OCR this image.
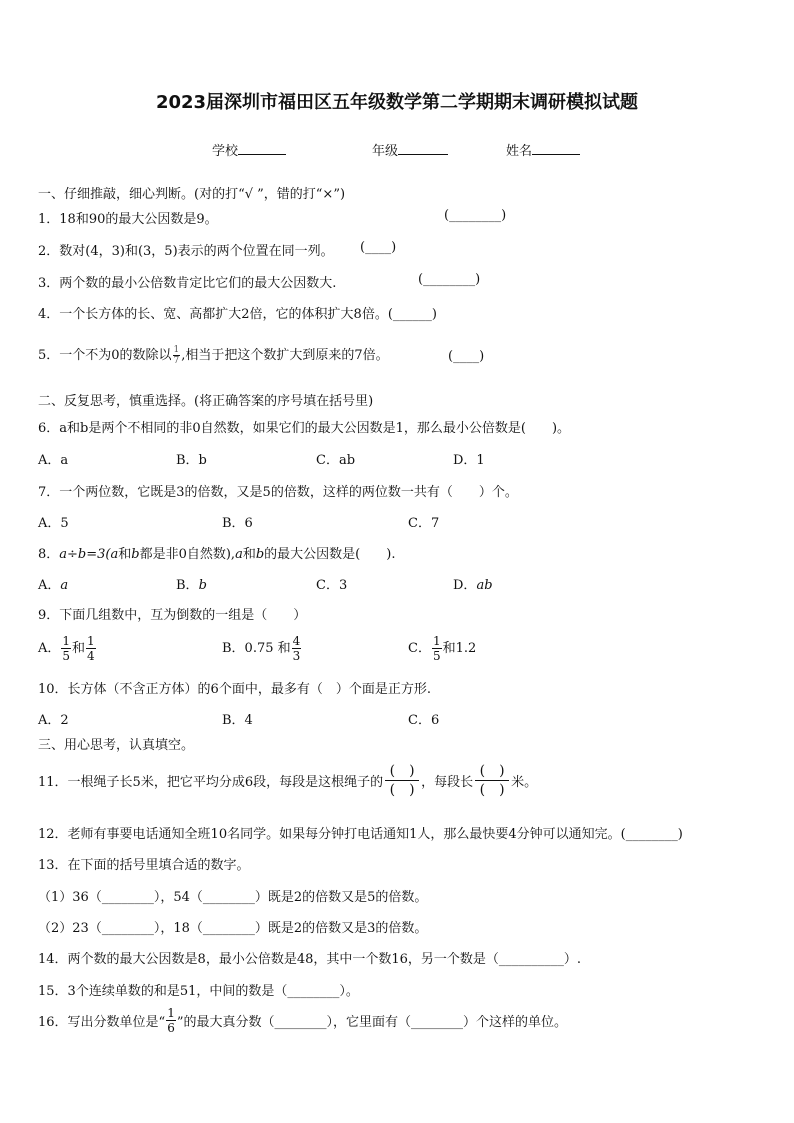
2023届深圳市福田区五年级数学第二学期期末调研模拟试题
学校	年级	姓名
一、仔细推敲，细心判断。(对的打“√ ”，错的打“×”)
1．18和90的最大公因数是9。	(________)
2．数对(4，3)和(3，5)表示的两个位置在同一列。 (____)
3．两个数的最小公倍数肯定比它们的最大公因数大.	(________)
4．一个长方体的长、宽、高都扩大2倍，它的体积扩大8倍。(______)
5．一个不为0的数除以 $\frac{1}{7}$ ,相当于把这个数扩大到原来的7倍。	(____)
二、反复思考，慎重选择。(将正确答案的序号填在括号里)
6．a和b是两个不相同的非0自然数，如果它们的最大公因数是1，那么最小公倍数是(　　)。
A．a	B．b	C．ab	D．1
7．一个两位数，它既是3的倍数，又是5的倍数，这样的两位数一共有（　　）个。
A．5	B．6	C．7
8．a÷b=3(a和b都是非0自然数),a和b的最大公因数是(　　).
A．a	B．b	C．3	D．ab
9．下面几组数中，互为倒数的一组是（　　）
A． $\frac{1}{5}$ 和 $\frac{1}{4}$	B．0.75 和 $\frac{4}{3}$	C． $\frac{1}{5}$ 和1.2
10．长方体（不含正方体）的6个面中，最多有（　）个面是正方形.
A．2	B．4	C．6
三、用心思考，认真填空。
11．一根绳子长5米，把它平均分成6段，每段是这根绳子的
(　)
(　) ，每段长
(　)
(　) 米。
12．老师有事要电话通知全班10名同学。如果每分钟打电话通知1人，那么最快要4分钟可以通知完。(________)
13．在下面的括号里填合适的数字。
（1）36（________），54（________）既是2的倍数又是5的倍数。
（2）23（________），18（________）既是2的倍数又是3的倍数。
14．两个数的最大公因数是8，最小公倍数是48，其中一个数16，另一个数是（__________）.
15．3个连续单数的和是51，中间的数是（________）。
16．写出分数单位是“ $\frac{1}{6}$ ”的最大真分数（________），它里面有（________）个这样的单位。
